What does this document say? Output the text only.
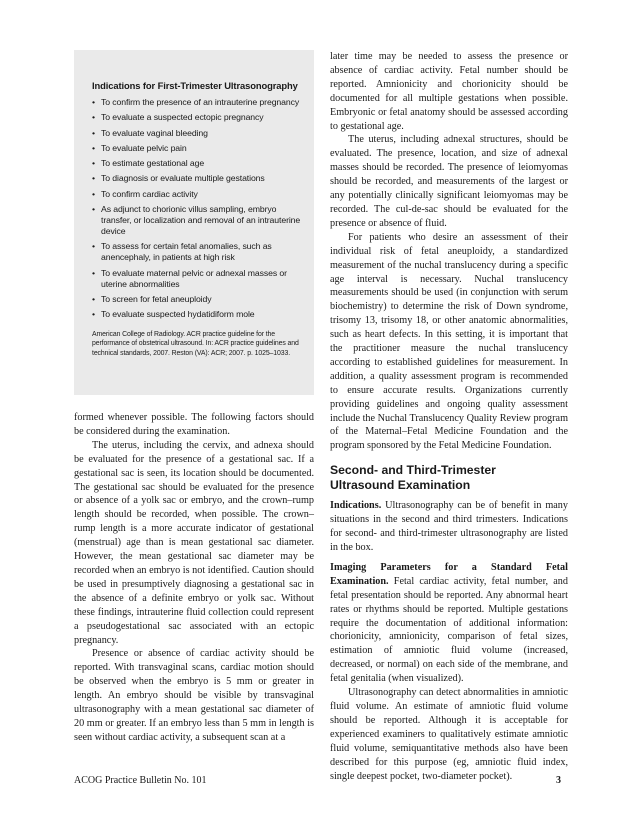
Indications for First-Trimester Ultrasonography
• To confirm the presence of an intrauterine pregnancy
• To evaluate a suspected ectopic pregnancy
• To evaluate vaginal bleeding
• To evaluate pelvic pain
• To estimate gestational age
• To diagnosis or evaluate multiple gestations
• To confirm cardiac activity
• As adjunct to chorionic villus sampling, embryo transfer, or localization and removal of an intrauterine device
• To assess for certain fetal anomalies, such as anencephaly, in patients at high risk
• To evaluate maternal pelvic or adnexal masses or uterine abnormalities
• To screen for fetal aneuploidy
• To evaluate suspected hydatidiform mole
American College of Radiology. ACR practice guideline for the performance of obstetrical ultrasound. In: ACR practice guidelines and technical standards, 2007. Reston (VA): ACR; 2007. p. 1025–1033.

formed whenever possible. The following factors should be considered during the examination.

The uterus, including the cervix, and adnexa should be evaluated for the presence of a gestational sac. If a gestational sac is seen, its location should be documented. The gestational sac should be evaluated for the presence or absence of a yolk sac or embryo, and the crown–rump length should be recorded, when possible. The crown–rump length is a more accurate indicator of gestational (menstrual) age than is mean gestational sac diameter. However, the mean gestational sac diameter may be recorded when an embryo is not identified. Caution should be used in presumptively diagnosing a gestational sac in the absence of a definite embryo or yolk sac. Without these findings, intrauterine fluid collection could represent a pseudogestational sac associated with an ectopic pregnancy.

Presence or absence of cardiac activity should be reported. With transvaginal scans, cardiac motion should be observed when the embryo is 5 mm or greater in length. An embryo should be visible by transvaginal ultrasonography with a mean gestational sac diameter of 20 mm or greater. If an embryo less than 5 mm in length is seen without cardiac activity, a subsequent scan at a

later time may be needed to assess the presence or absence of cardiac activity. Fetal number should be reported. Amnionicity and chorionicity should be documented for all multiple gestations when possible. Embryonic or fetal anatomy should be assessed according to gestational age.

The uterus, including adnexal structures, should be evaluated. The presence, location, and size of adnexal masses should be recorded. The presence of leiomyomas should be recorded, and measurements of the largest or any potentially clinically significant leiomyomas may be recorded. The cul-de-sac should be evaluated for the presence or absence of fluid.

For patients who desire an assessment of their individual risk of fetal aneuploidy, a standardized measurement of the nuchal translucency during a specific age interval is necessary. Nuchal translucency measurements should be used (in conjunction with serum biochemistry) to determine the risk of Down syndrome, trisomy 13, trisomy 18, or other anatomic abnormalities, such as heart defects. In this setting, it is important that the practitioner measure the nuchal translucency according to established guidelines for measurement. In addition, a quality assessment program is recommended to ensure accurate results. Organizations currently providing guidelines and ongoing quality assessment include the Nuchal Translucency Quality Review program of the Maternal–Fetal Medicine Foundation and the program sponsored by the Fetal Medicine Foundation.

Second- and Third-Trimester
Ultrasound Examination

Indications. Ultrasonography can be of benefit in many situations in the second and third trimesters. Indications for second- and third-trimester ultrasonography are listed in the box.

Imaging Parameters for a Standard Fetal Examination. Fetal cardiac activity, fetal number, and fetal presentation should be reported. Any abnormal heart rates or rhythms should be reported. Multiple gestations require the documentation of additional information: chorionicity, amnionicity, comparison of fetal sizes, estimation of amniotic fluid volume (increased, decreased, or normal) on each side of the membrane, and fetal genitalia (when visualized).

Ultrasonography can detect abnormalities in amniotic fluid volume. An estimate of amniotic fluid volume should be reported. Although it is acceptable for experienced examiners to qualitatively estimate amniotic fluid volume, semiquantitative methods also have been described for this purpose (eg, amniotic fluid index, single deepest pocket, two-diameter pocket).

ACOG Practice Bulletin No. 101	3
